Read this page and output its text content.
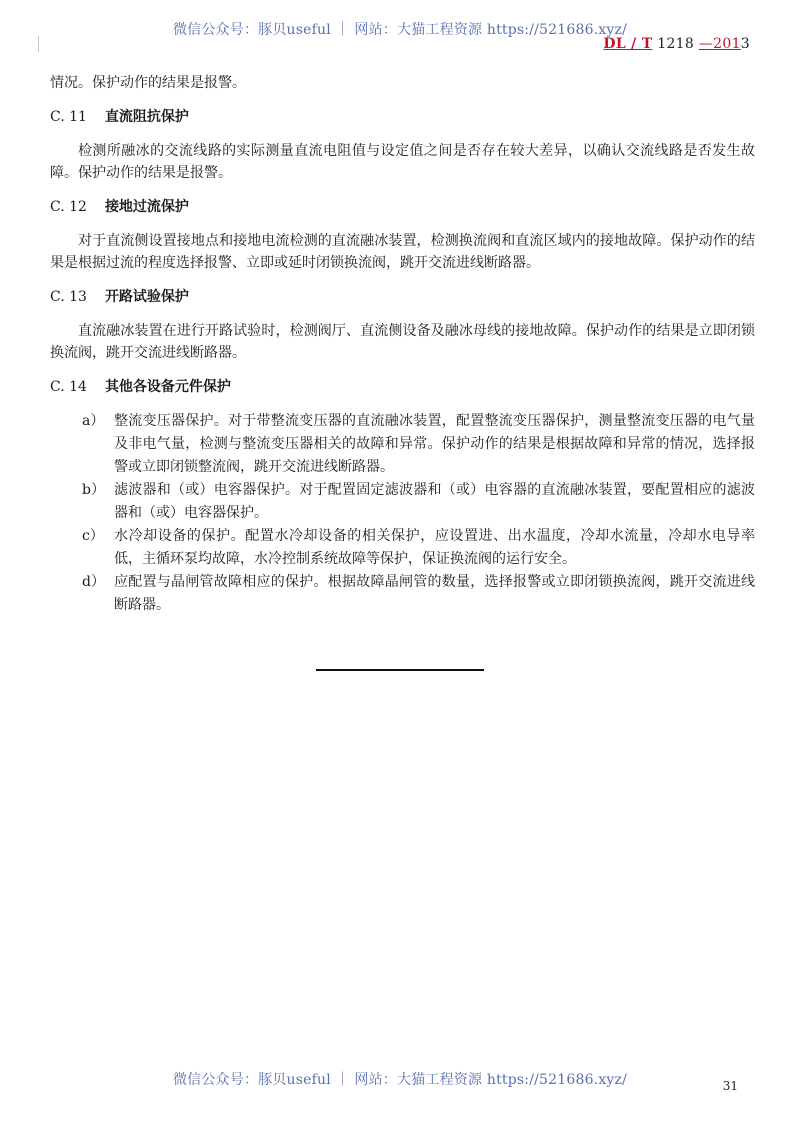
微信公众号：豚贝useful ｜ 网站：大猫工程资源 https://521686.xyz/
DL / T 1218 —2013

情况。保护动作的结果是报警。

C. 11 直流阻抗保护

检测所融冰的交流线路的实际测量直流电阻值与设定值之间是否存在较大差异，以确认交流线路是否发生故障。保护动作的结果是报警。

C. 12 接地过流保护

对于直流侧设置接地点和接地电流检测的直流融冰装置，检测换流阀和直流区域内的接地故障。保护动作的结果是根据过流的程度选择报警、立即或延时闭锁换流阀，跳开交流进线断路器。

C. 13 开路试验保护

直流融冰装置在进行开路试验时，检测阀厅、直流侧设备及融冰母线的接地故障。保护动作的结果是立即闭锁换流阀，跳开交流进线断路器。

C. 14 其他各设备元件保护
a） 整流变压器保护。对于带整流变压器的直流融冰装置，配置整流变压器保护，测量整流变压器的电气量及非电气量，检测与整流变压器相关的故障和异常。保护动作的结果是根据故障和异常的情况，选择报警或立即闭锁整流阀，跳开交流进线断路器。
b） 滤波器和（或）电容器保护。对于配置固定滤波器和（或）电容器的直流融冰装置，要配置相应的滤波器和（或）电容器保护。
c） 水冷却设备的保护。配置水冷却设备的相关保护，应设置进、出水温度，冷却水流量，冷却水电导率低，主循环泵均故障，水冷控制系统故障等保护，保证换流阀的运行安全。
d） 应配置与晶闸管故障相应的保护。根据故障晶闸管的数量，选择报警或立即闭锁换流阀，跳开交流进线断路器。
微信公众号：豚贝useful ｜ 网站：大猫工程资源 https://521686.xyz/	31
